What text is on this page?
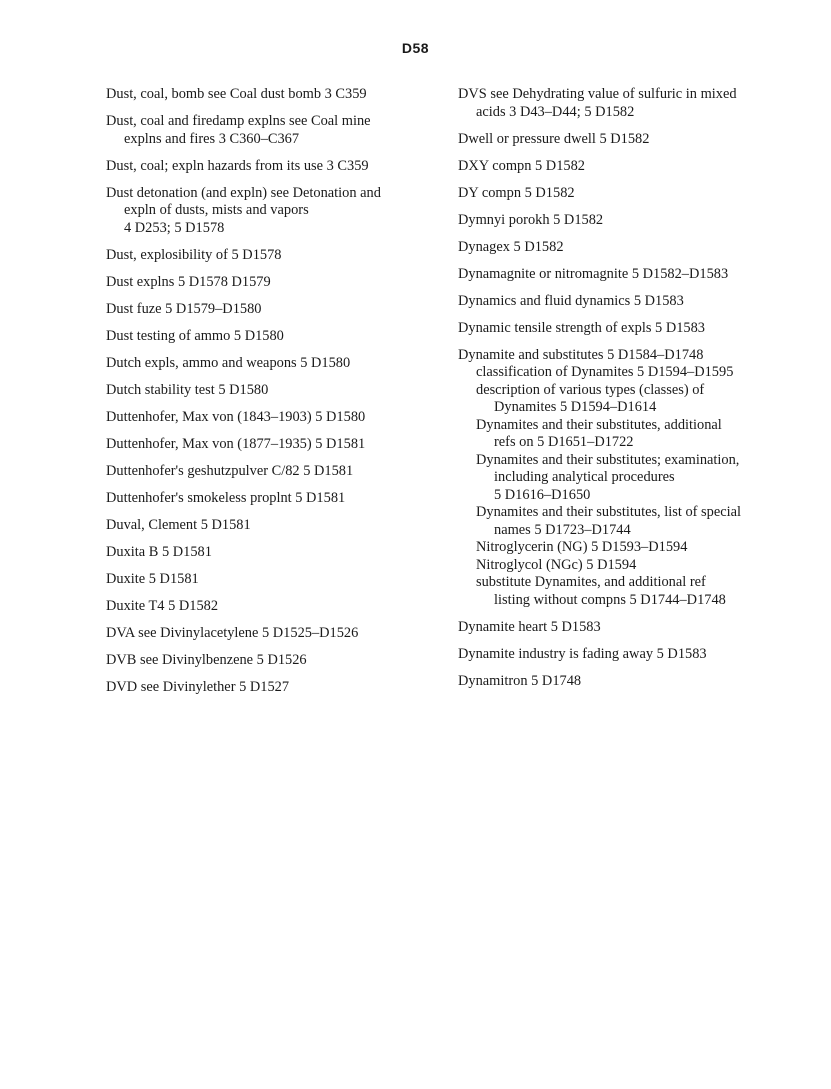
D58
Dust, coal, bomb see Coal dust bomb 3 C359
Dust, coal and firedamp explns see Coal mine
explns and fires 3 C360–C367
Dust, coal; expln hazards from its use 3 C359
Dust detonation (and expln) see Detonation and
expln of dusts, mists and vapors
4 D253; 5 D1578
Dust, explosibility of 5 D1578
Dust explns 5 D1578 D1579
Dust fuze 5 D1579–D1580
Dust testing of ammo 5 D1580
Dutch expls, ammo and weapons 5 D1580
Dutch stability test 5 D1580
Duttenhofer, Max von (1843–1903) 5 D1580
Duttenhofer, Max von (1877–1935) 5 D1581
Duttenhofer's geshutzpulver C/82 5 D1581
Duttenhofer's smokeless proplnt 5 D1581
Duval, Clement 5 D1581
Duxita B 5 D1581
Duxite 5 D1581
Duxite T4 5 D1582
DVA see Divinylacetylene 5 D1525–D1526
DVB see Divinylbenzene 5 D1526
DVD see Divinylether 5 D1527
DVS see Dehydrating value of sulfuric in mixed
acids 3 D43–D44; 5 D1582
Dwell or pressure dwell 5 D1582
DXY compn 5 D1582
DY compn 5 D1582
Dymnyi porokh 5 D1582
Dynagex 5 D1582
Dynamagnite or nitromagnite 5 D1582–D1583
Dynamics and fluid dynamics 5 D1583
Dynamic tensile strength of expls 5 D1583
Dynamite and substitutes 5 D1584–D1748
classification of Dynamites 5 D1594–D1595
description of various types (classes) of
Dynamites 5 D1594–D1614
Dynamites and their substitutes, additional
refs on 5 D1651–D1722
Dynamites and their substitutes; examination,
including analytical procedures
5 D1616–D1650
Dynamites and their substitutes, list of special
names 5 D1723–D1744
Nitroglycerin (NG) 5 D1593–D1594
Nitroglycol (NGc) 5 D1594
substitute Dynamites, and additional ref
listing without compns 5 D1744–D1748
Dynamite heart 5 D1583
Dynamite industry is fading away 5 D1583
Dynamitron 5 D1748
